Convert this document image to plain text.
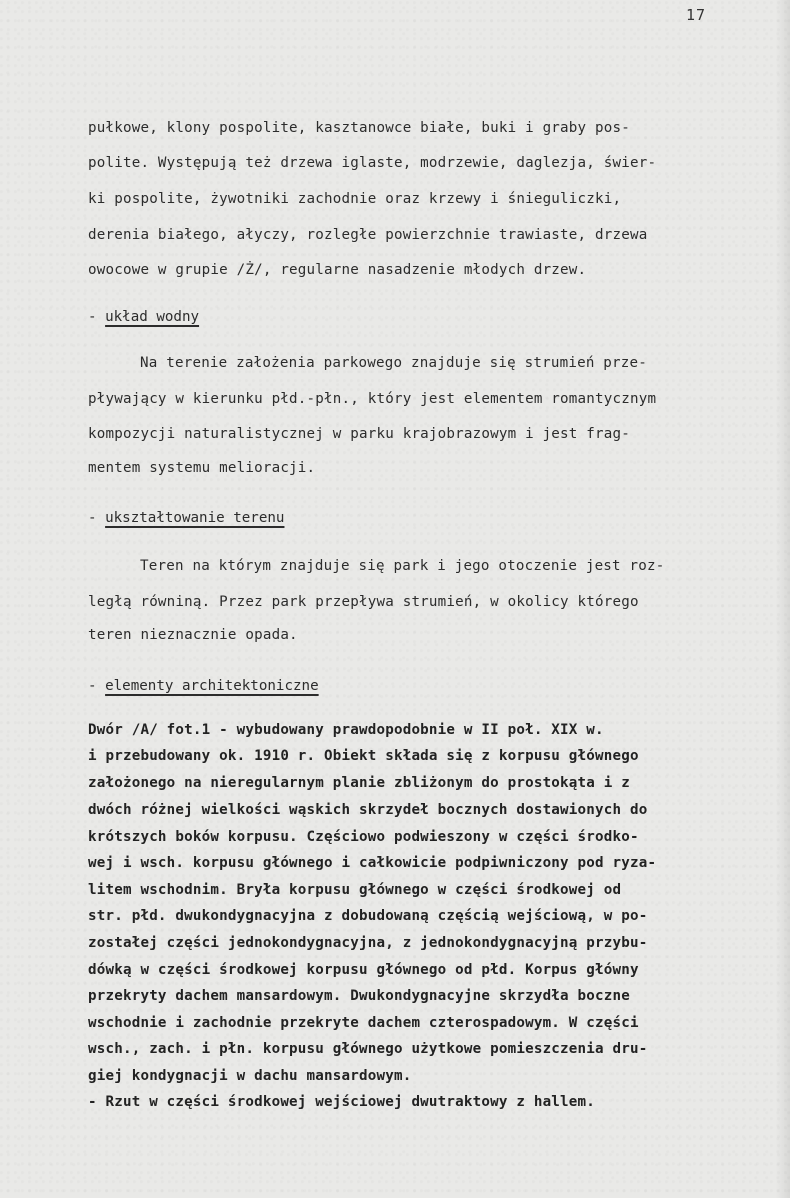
17
pułkowe, klony pospolite, kasztanowce białe, buki i graby pos-
polite. Występują też drzewa iglaste, modrzewie, daglezja, świer-
ki pospolite, żywotniki zachodnie oraz krzewy i śnieguliczki,
derenia białego, ałyczy, rozległe powierzchnie trawiaste, drzewa
owocowe w grupie /Ż/, regularne nasadzenie młodych drzew.
- układ wodny
Na terenie założenia parkowego znajduje się strumień prze-
pływający w kierunku płd.-płn., który jest elementem romantycznym
kompozycji naturalistycznej w parku krajobrazowym i jest frag-
mentem systemu melioracji.
- ukształtowanie terenu
Teren na którym znajduje się park i jego otoczenie jest roz-
ległą równiną. Przez park przepływa strumień, w okolicy którego
teren nieznacznie opada.
- elementy architektoniczne
Dwór /A/ fot.1 - wybudowany prawdopodobnie w II poł. XIX w.
i przebudowany ok. 1910 r. Obiekt składa się z korpusu głównego
założonego na nieregularnym planie zbliżonym do prostokąta i z
dwóch różnej wielkości wąskich skrzydeł bocznych dostawionych do
krótszych boków korpusu. Częściowo podwieszony w części środko-
wej i wsch. korpusu głównego i całkowicie podpiwniczony pod ryza-
litem wschodnim. Bryła korpusu głównego w części środkowej od
str. płd. dwukondygnacyjna z dobudowaną częścią wejściową, w po-
zostałej części jednokondygnacyjna, z jednokondygnacyjną przybu-
dówką w części środkowej korpusu głównego od płd. Korpus główny
przekryty dachem mansardowym. Dwukondygnacyjne skrzydła boczne
wschodnie i zachodnie przekryte dachem czterospadowym. W części
wsch., zach. i płn. korpusu głównego użytkowe pomieszczenia dru-
giej kondygnacji w dachu mansardowym.
- Rzut w części środkowej wejściowej dwutraktowy z hallem.
